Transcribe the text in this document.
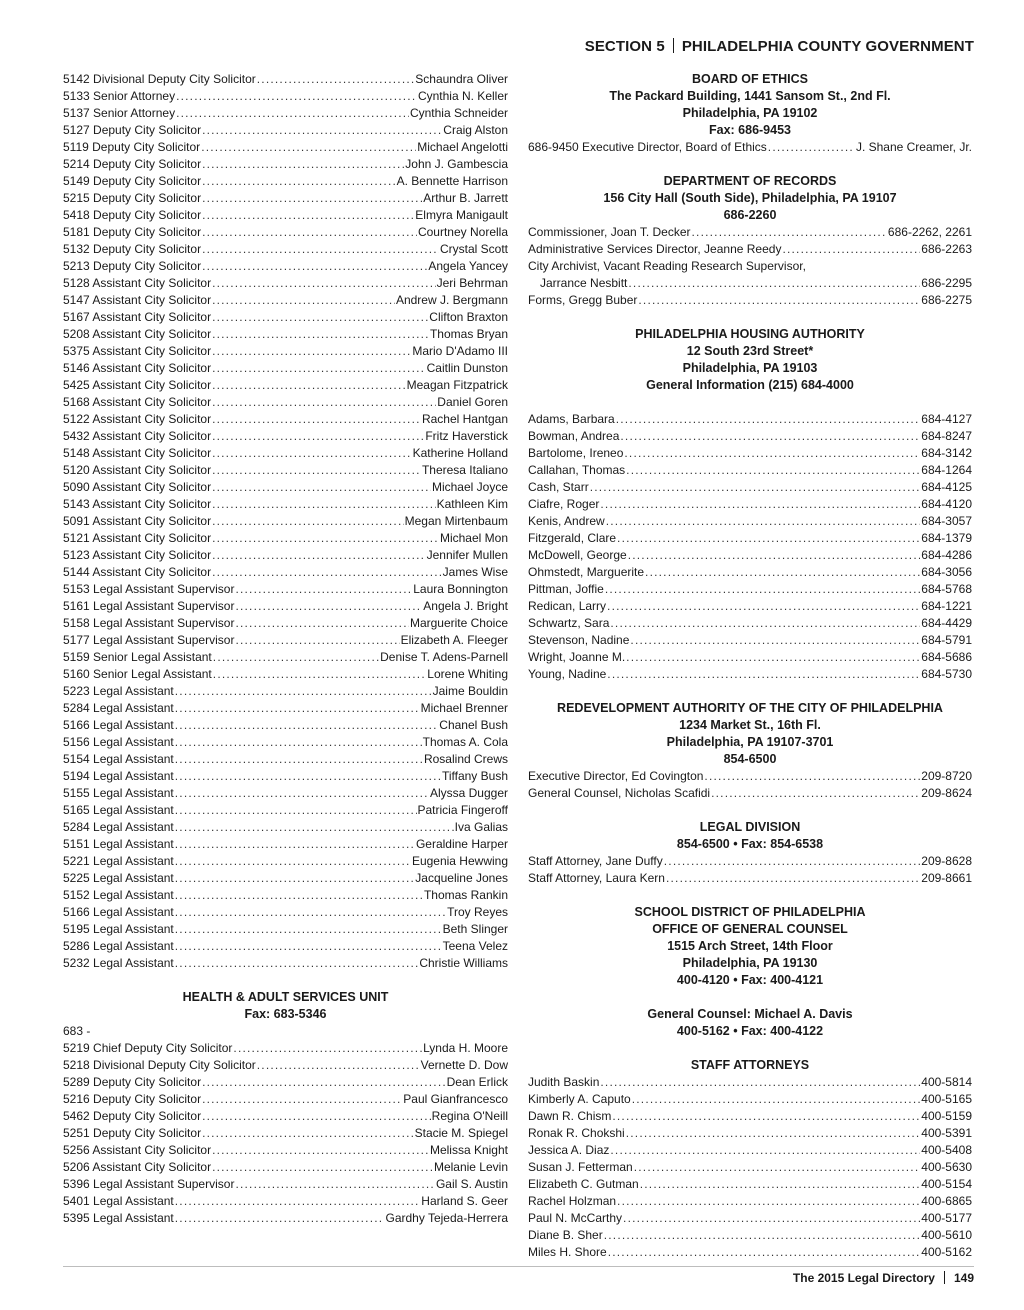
SECTION 5 PHILADELPHIA COUNTY GOVERNMENT
5142 Divisional Deputy City Solicitor .....	Schaundra Oliver
5133 Senior Attorney .....	Cynthia N. Keller
5137 Senior Attorney .....	Cynthia Schneider
5127 Deputy City Solicitor .....	Craig Alston
5119 Deputy City Solicitor .....	Michael Angelotti
5214 Deputy City Solicitor .....	John J. Gambescia
5149 Deputy City Solicitor .....	A. Bennette Harrison
5215 Deputy City Solicitor .....	Arthur B. Jarrett
5418 Deputy City Solicitor .....	Elmyra Manigault
5181 Deputy City Solicitor .....	Courtney Norella
5132 Deputy City Solicitor .....	Crystal Scott
5213 Deputy City Solicitor .....	Angela Yancey
5128 Assistant City Solicitor .....	Jeri Behrman
5147 Assistant City Solicitor .....	Andrew J. Bergmann
5167 Assistant City Solicitor .....	Clifton Braxton
5208 Assistant City Solicitor .....	Thomas Bryan
5375 Assistant City Solicitor .....	Mario D'Adamo III
5146 Assistant City Solicitor .....	Caitlin Dunston
5425 Assistant City Solicitor .....	Meagan Fitzpatrick
5168 Assistant City Solicitor .....	Daniel Goren
5122 Assistant City Solicitor .....	Rachel Hantgan
5432 Assistant City Solicitor .....	Fritz Haverstick
5148 Assistant City Solicitor .....	Katherine Holland
5120 Assistant City Solicitor .....	Theresa Italiano
5090 Assistant City Solicitor .....	Michael Joyce
5143 Assistant City Solicitor .....	Kathleen Kim
5091 Assistant City Solicitor .....	Megan Mirtenbaum
5121 Assistant City Solicitor .....	Michael Mon
5123 Assistant City Solicitor .....	Jennifer Mullen
5144 Assistant City Solicitor .....	James Wise
5153 Legal Assistant Supervisor .....	Laura Bonnington
5161 Legal Assistant Supervisor .....	Angela J. Bright
5158 Legal Assistant Supervisor .....	Marguerite Choice
5177 Legal Assistant Supervisor .....	Elizabeth A. Fleeger
5159 Senior Legal Assistant .....	Denise T. Adens-Parnell
5160 Senior Legal Assistant .....	Lorene Whiting
5223 Legal Assistant .....	Jaime Bouldin
5284 Legal Assistant .....	Michael Brenner
5166 Legal Assistant .....	Chanel Bush
5156 Legal Assistant .....	Thomas A. Cola
5154 Legal Assistant .....	Rosalind Crews
5194 Legal Assistant .....	Tiffany Bush
5155 Legal Assistant .....	Alyssa Dugger
5165 Legal Assistant .....	Patricia Fingeroff
5284 Legal Assistant .....	Iva Galias
5151 Legal Assistant .....	Geraldine Harper
5221 Legal Assistant .....	Eugenia Hewwing
5225 Legal Assistant .....	Jacqueline Jones
5152 Legal Assistant .....	Thomas Rankin
5166 Legal Assistant .....	Troy Reyes
5195 Legal Assistant .....	Beth Slinger
5286 Legal Assistant .....	Teena Velez
5232 Legal Assistant .....	Christie Williams
HEALTH & ADULT SERVICES UNIT
Fax: 683-5346
683 -
5219 Chief Deputy City Solicitor .....	Lynda H. Moore
5218 Divisional Deputy City Solicitor .....	Vernette D. Dow
5289 Deputy City Solicitor .....	Dean Erlick
5216 Deputy City Solicitor .....	Paul Gianfrancesco
5462 Deputy City Solicitor .....	Regina O'Neill
5251 Deputy City Solicitor .....	Stacie M. Spiegel
5256 Assistant City Solicitor .....	Melissa Knight
5206 Assistant City Solicitor .....	Melanie Levin
5396 Legal Assistant Supervisor .....	Gail S. Austin
5401 Legal Assistant .....	Harland S. Geer
5395 Legal Assistant .....	Gardhy Tejeda-Herrera
BOARD OF ETHICS
The Packard Building, 1441 Sansom St., 2nd Fl.
Philadelphia, PA 19102
Fax: 686-9453
686-9450 Executive Director, Board of Ethics .....	J. Shane Creamer, Jr.
DEPARTMENT OF RECORDS
156 City Hall (South Side), Philadelphia, PA 19107
686-2260
Commissioner, Joan T. Decker .....	686-2262, 2261
Administrative Services Director, Jeanne Reedy .....	686-2263
City Archivist, Vacant Reading Research Supervisor,
Jarrance Nesbitt .....	686-2295
Forms, Gregg Buber .....	686-2275
PHILADELPHIA HOUSING AUTHORITY
12 South 23rd Street*
Philadelphia, PA 19103
General Information (215) 684-4000
Adams, Barbara .....	684-4127
Bowman, Andrea .....	684-8247
Bartolome, Ireneo .....	684-3142
Callahan, Thomas .....	684-1264
Cash, Starr .....	684-4125
Ciafre, Roger .....	684-4120
Kenis, Andrew .....	684-3057
Fitzgerald, Clare .....	684-1379
McDowell, George .....	684-4286
Ohmstedt, Marguerite .....	684-3056
Pittman, Joffie .....	684-5768
Redican, Larry .....	684-1221
Schwartz, Sara .....	684-4429
Stevenson, Nadine .....	684-5791
Wright, Joanne M. .....	684-5686
Young, Nadine .....	684-5730
REDEVELOPMENT AUTHORITY OF THE CITY OF PHILADELPHIA
1234 Market St., 16th Fl.
Philadelphia, PA 19107-3701
854-6500
Executive Director, Ed Covington .....	209-8720
General Counsel, Nicholas Scafidi .....	209-8624
LEGAL DIVISION
854-6500 • Fax: 854-6538
Staff Attorney, Jane Duffy .....	209-8628
Staff Attorney, Laura Kern .....	209-8661
SCHOOL DISTRICT OF PHILADELPHIA
OFFICE OF GENERAL COUNSEL
1515 Arch Street, 14th Floor
Philadelphia, PA 19130
400-4120 • Fax: 400-4121
General Counsel: Michael A. Davis
400-5162 • Fax: 400-4122
STAFF ATTORNEYS
Judith Baskin .....	400-5814
Kimberly A. Caputo .....	400-5165
Dawn R. Chism .....	400-5159
Ronak R. Chokshi .....	400-5391
Jessica A. Diaz .....	400-5408
Susan J. Fetterman .....	400-5630
Elizabeth C. Gutman .....	400-5154
Rachel Holzman .....	400-6865
Paul N. McCarthy .....	400-5177
Diane B. Sher .....	400-5610
Miles H. Shore .....	400-5162
The 2015 Legal Directory 149
